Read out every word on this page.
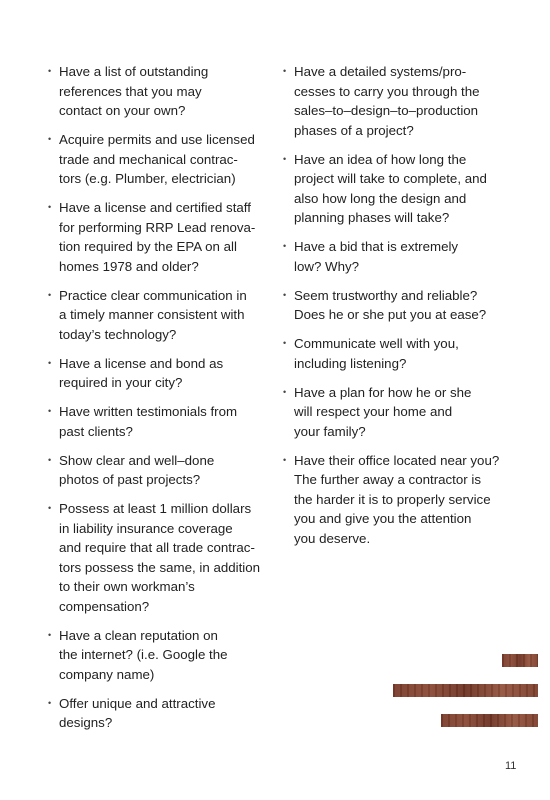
• Have a list of outstanding
references that you may
contact on your own?
• Acquire permits and use licensed
trade and mechanical contrac-
tors (e.g. Plumber, electrician)
• Have a license and certified staff
for performing RRP Lead renova-
tion required by the EPA on all
homes 1978 and older?
• Practice clear communication in
a timely manner consistent with
today’s technology?
• Have a license and bond as
required in your city?
• Have written testimonials from
past clients?
• Show clear and well–done
photos of past projects?
• Possess at least 1 million dollars
in liability insurance coverage
and require that all trade contrac-
tors possess the same, in addition
to their own workman’s
compensation?
• Have a clean reputation on
the internet? (i.e. Google the
company name)
• Offer unique and attractive
designs?
• Have a detailed systems/pro-
cesses to carry you through the
sales–to–design–to–production
phases of a project?
• Have an idea of how long the
project will take to complete, and
also how long the design and
planning phases will take?
• Have a bid that is extremely
low? Why?
• Seem trustworthy and reliable?
Does he or she put you at ease?
• Communicate well with you,
including listening?
• Have a plan for how he or she
will respect your home and
your family?
• Have their office located near you?
The further away a contractor is
the harder it is to properly service
you and give you the attention
you deserve.
11
